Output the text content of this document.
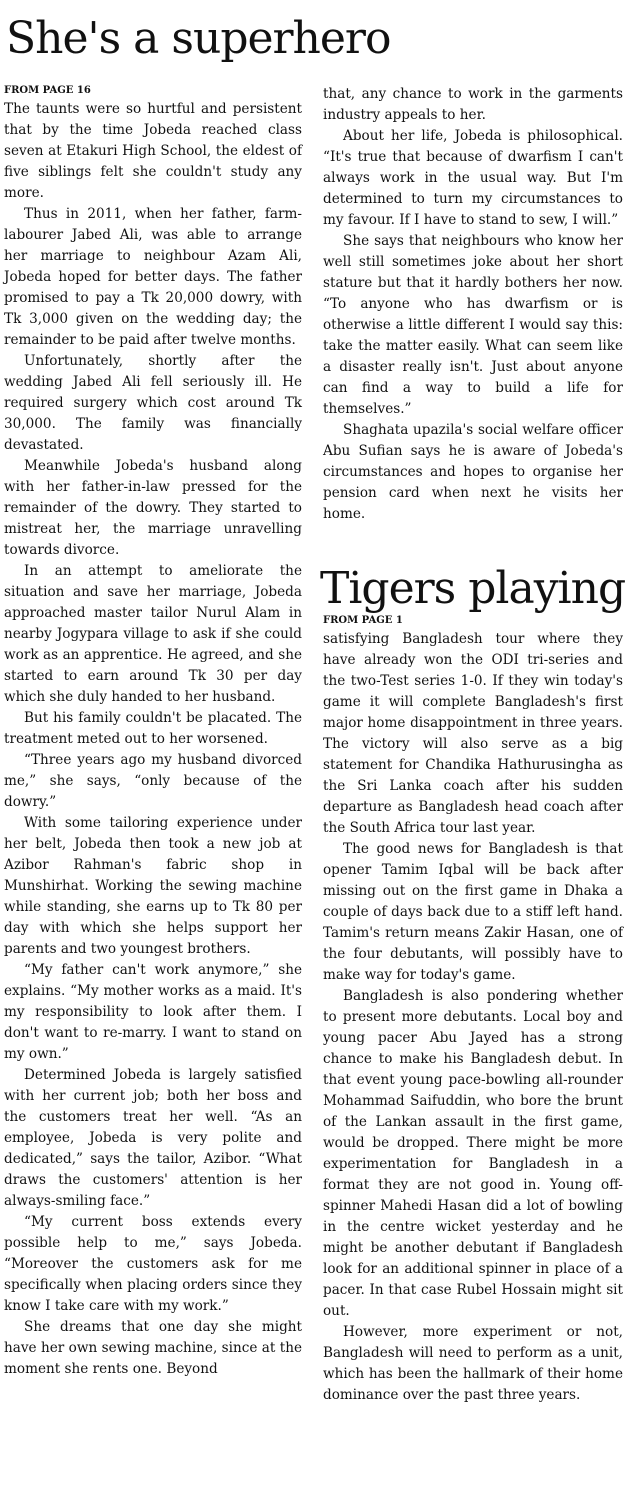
She's a superhero
FROM PAGE 16

The taunts were so hurtful and persistent that by the time Jobeda reached class seven at Etakuri High School, the eldest of five siblings felt she couldn't study any more.

Thus in 2011, when her father, farm-labourer Jabed Ali, was able to arrange her marriage to neighbour Azam Ali, Jobeda hoped for better days. The father promised to pay a Tk 20,000 dowry, with Tk 3,000 given on the wedding day; the remainder to be paid after twelve months.

Unfortunately, shortly after the wedding Jabed Ali fell seriously ill. He required surgery which cost around Tk 30,000. The family was financially devastated.

Meanwhile Jobeda's husband along with her father-in-law pressed for the remainder of the dowry. They started to mistreat her, the marriage unravelling towards divorce.

In an attempt to ameliorate the situation and save her marriage, Jobeda approached master tailor Nurul Alam in nearby Jogypara village to ask if she could work as an apprentice. He agreed, and she started to earn around Tk 30 per day which she duly handed to her husband.

But his family couldn't be placated. The treatment meted out to her worsened.

“Three years ago my husband divorced me,” she says, “only because of the dowry.”

With some tailoring experience under her belt, Jobeda then took a new job at Azibor Rahman's fabric shop in Munshirhat. Working the sewing machine while standing, she earns up to Tk 80 per day with which she helps support her parents and two youngest brothers.

“My father can't work anymore,” she explains. “My mother works as a maid. It's my responsibility to look after them. I don't want to re-marry. I want to stand on my own.”

Determined Jobeda is largely satisfied with her current job; both her boss and the customers treat her well. “As an employee, Jobeda is very polite and dedicated,” says the tailor, Azibor. “What draws the customers' attention is her always-smiling face.”

“My current boss extends every possible help to me,” says Jobeda. “Moreover the customers ask for me specifically when placing orders since they know I take care with my work.”

She dreams that one day she might have her own sewing machine, since at the moment she rents one. Beyond

that, any chance to work in the garments industry appeals to her.

About her life, Jobeda is philosophical. “It's true that because of dwarfism I can't always work in the usual way. But I'm determined to turn my circumstances to my favour. If I have to stand to sew, I will.”

She says that neighbours who know her well still sometimes joke about her short stature but that it hardly bothers her now. “To anyone who has dwarfism or is otherwise a little different I would say this: take the matter easily. What can seem like a disaster really isn't. Just about anyone can find a way to build a life for themselves.”

Shaghata upazila's social welfare officer Abu Sufian says he is aware of Jobeda's circumstances and hopes to organise her pension card when next he visits her home.

Tigers playing
FROM PAGE 1

satisfying Bangladesh tour where they have already won the ODI tri-series and the two-Test series 1-0. If they win today's game it will complete Bangladesh's first major home disappointment in three years. The victory will also serve as a big statement for Chandika Hathurusingha as the Sri Lanka coach after his sudden departure as Bangladesh head coach after the South Africa tour last year.

The good news for Bangladesh is that opener Tamim Iqbal will be back after missing out on the first game in Dhaka a couple of days back due to a stiff left hand. Tamim's return means Zakir Hasan, one of the four debutants, will possibly have to make way for today's game.

Bangladesh is also pondering whether to present more debutants. Local boy and young pacer Abu Jayed has a strong chance to make his Bangladesh debut. In that event young pace-bowling all-rounder Mohammad Saifuddin, who bore the brunt of the Lankan assault in the first game, would be dropped. There might be more experimentation for Bangladesh in a format they are not good in. Young off-spinner Mahedi Hasan did a lot of bowling in the centre wicket yesterday and he might be another debutant if Bangladesh look for an additional spinner in place of a pacer. In that case Rubel Hossain might sit out.

However, more experiment or not, Bangladesh will need to perform as a unit, which has been the hallmark of their home dominance over the past three years.
